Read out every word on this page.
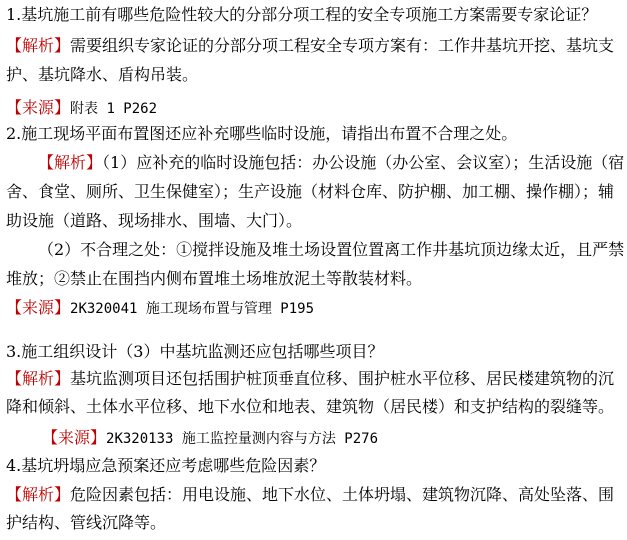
1.基坑施工前有哪些危险性较大的分部分项工程的安全专项施工方案需要专家论证？
【解析】需要组织专家论证的分部分项工程安全专项方案有：工作井基坑开挖、基坑支
护、基坑降水、盾构吊装。
【来源】附表 1 P262
2.施工现场平面布置图还应补充哪些临时设施，请指出布置不合理之处。
【解析】（1）应补充的临时设施包括：办公设施（办公室、会议室）；生活设施（宿
舍、食堂、厕所、卫生保健室）；生产设施（材料仓库、防护棚、加工棚、操作棚）；辅
助设施（道路、现场排水、围墙、大门）。
（2）不合理之处：①搅拌设施及堆土场设置位置离工作井基坑顶边缘太近，且严禁
堆放；②禁止在围挡内侧布置堆土场堆放泥土等散装材料。
【来源】2K320041 施工现场布置与管理 P195
3.施工组织设计（3）中基坑监测还应包括哪些项目？
【解析】基坑监测项目还包括围护桩顶垂直位移、围护桩水平位移、居民楼建筑物的沉
降和倾斜、土体水平位移、地下水位和地表、建筑物（居民楼）和支护结构的裂缝等。
【来源】2K320133 施工监控量测内容与方法 P276
4.基坑坍塌应急预案还应考虑哪些危险因素？
【解析】危险因素包括：用电设施、地下水位、土体坍塌、建筑物沉降、高处坠落、围
护结构、管线沉降等。
